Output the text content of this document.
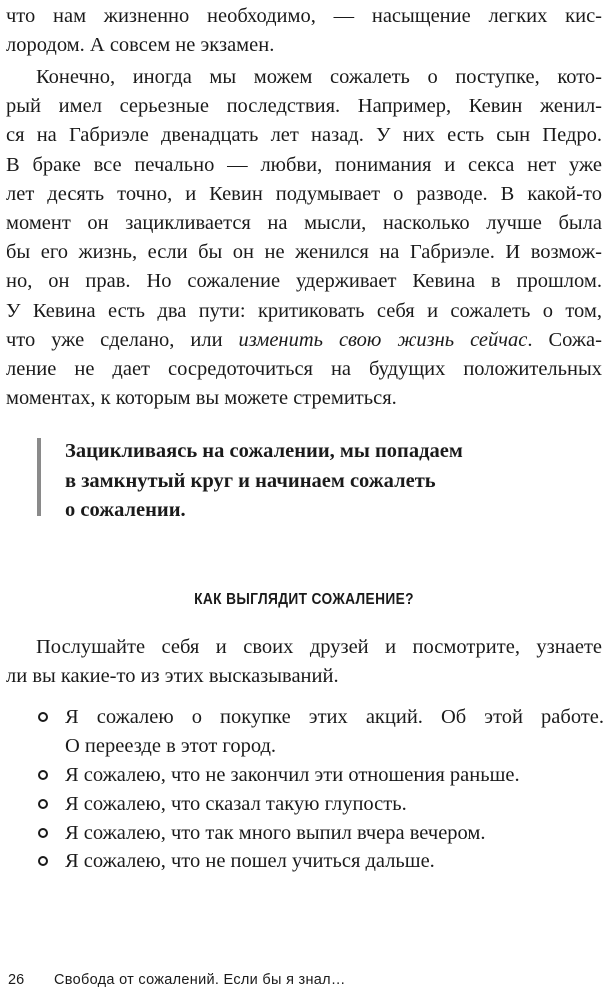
что нам жизненно необходимо, — насыщение легких кис-
лородом. А совсем не экзамен.
Конечно, иногда мы можем сожалеть о поступке, кото-
рый имел серьезные последствия. Например, Кевин женил-
ся на Габриэле двенадцать лет назад. У них есть сын Педро.
В браке все печально — любви, понимания и секса нет уже
лет десять точно, и Кевин подумывает о разводе. В какой-то
момент он зацикливается на мысли, насколько лучше была
бы его жизнь, если бы он не женился на Габриэле. И возмож-
но, он прав. Но сожаление удерживает Кевина в прошлом.
У Кевина есть два пути: критиковать себя и сожалеть о том,
что уже сделано, или изменить свою жизнь сейчас. Сожа-
ление не дает сосредоточиться на будущих положительных
моментах, к которым вы можете стремиться.
Зацикливаясь на сожалении, мы попадаем
в замкнутый круг и начинаем сожалеть
о сожалении.
КАК ВЫГЛЯДИТ СОЖАЛЕНИЕ?
Послушайте себя и своих друзей и посмотрите, узнаете
ли вы какие-то из этих высказываний.
Я сожалею о покупке этих акций. Об этой работе.
О переезде в этот город.
Я сожалею, что не закончил эти отношения раньше.
Я сожалею, что сказал такую глупость.
Я сожалею, что так много выпил вчера вечером.
Я сожалею, что не пошел учиться дальше.
26 Свобода от сожалений. Если бы я знал…
